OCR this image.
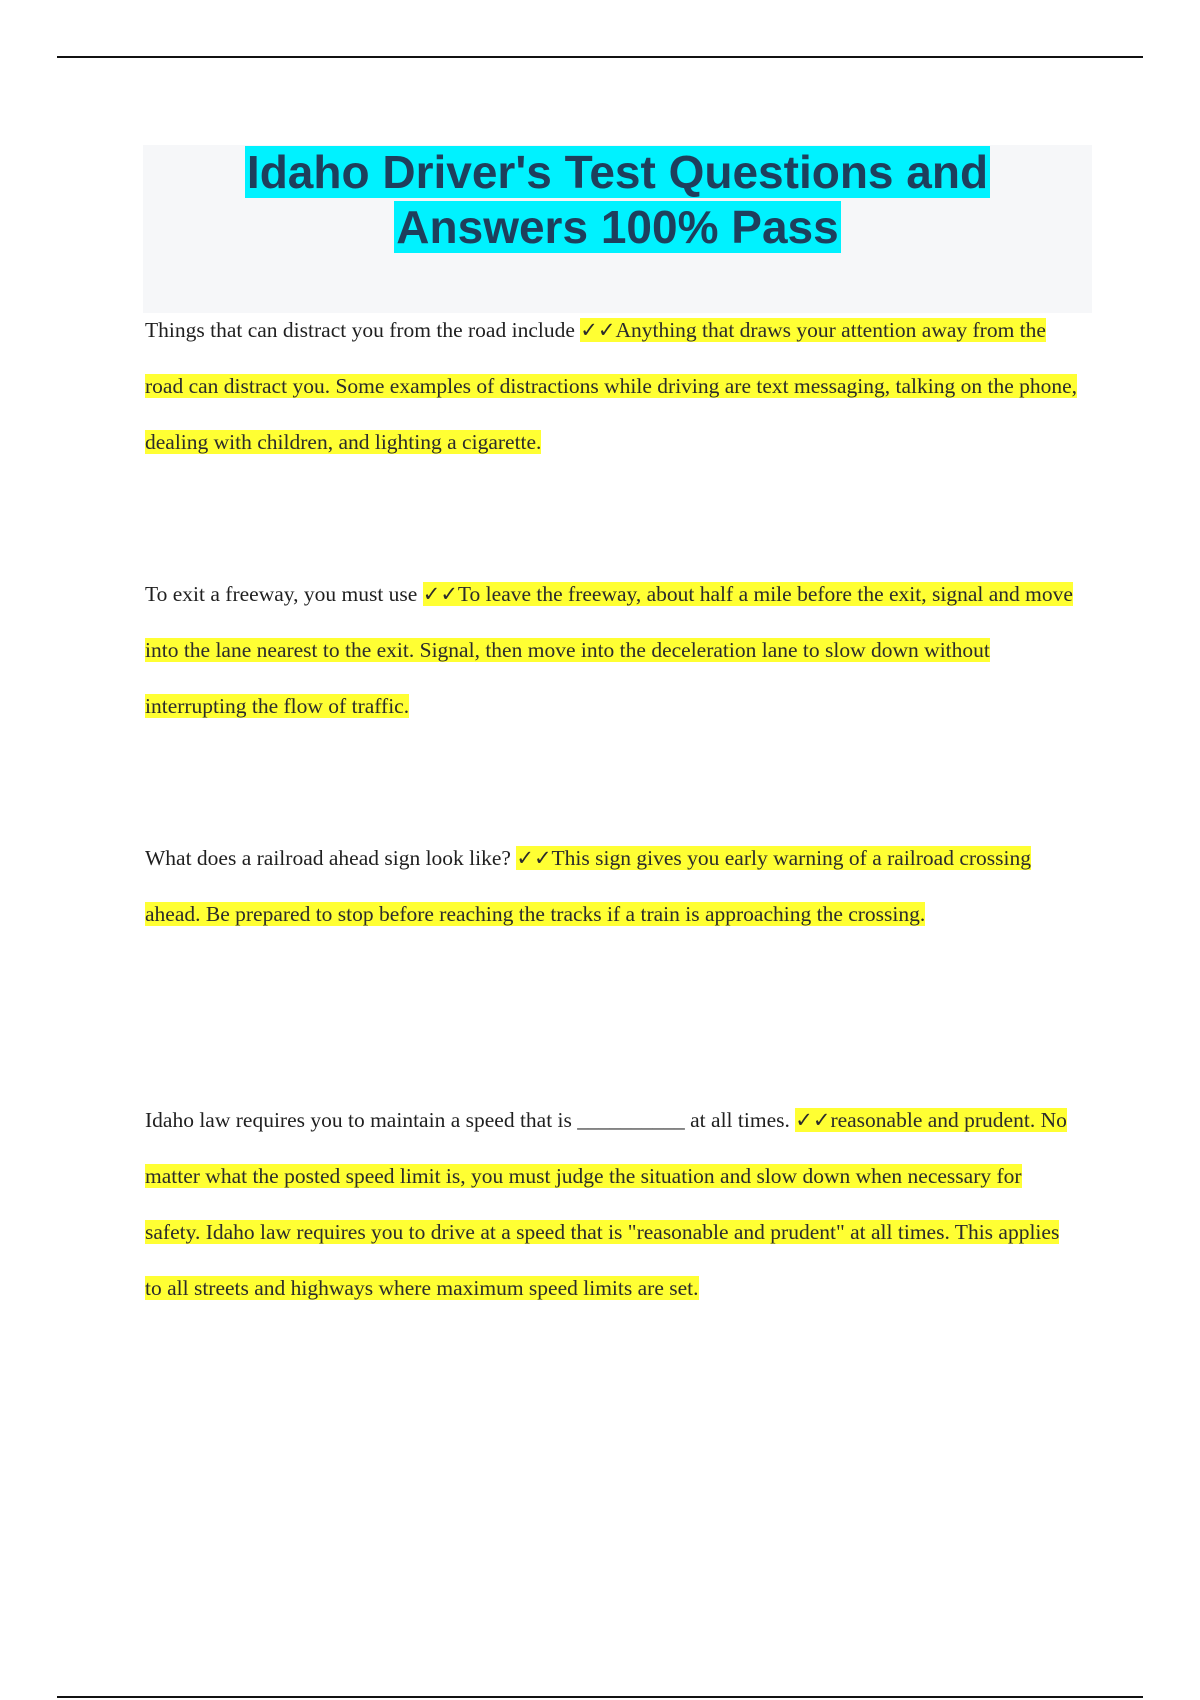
Idaho Driver's Test Questions and
Answers 100% Pass

Things that can distract you from the road include ✓✓Anything that draws your attention away from the road can distract you. Some examples of distractions while driving are text messaging, talking on the phone, dealing with children, and lighting a cigarette.

To exit a freeway, you must use ✓✓To leave the freeway, about half a mile before the exit, signal and move into the lane nearest to the exit. Signal, then move into the deceleration lane to slow down without interrupting the flow of traffic.

What does a railroad ahead sign look like? ✓✓This sign gives you early warning of a railroad crossing ahead. Be prepared to stop before reaching the tracks if a train is approaching the crossing.

Idaho law requires you to maintain a speed that is __________ at all times. ✓✓reasonable and prudent. No matter what the posted speed limit is, you must judge the situation and slow down when necessary for safety. Idaho law requires you to drive at a speed that is "reasonable and prudent" at all times. This applies to all streets and highways where maximum speed limits are set.
